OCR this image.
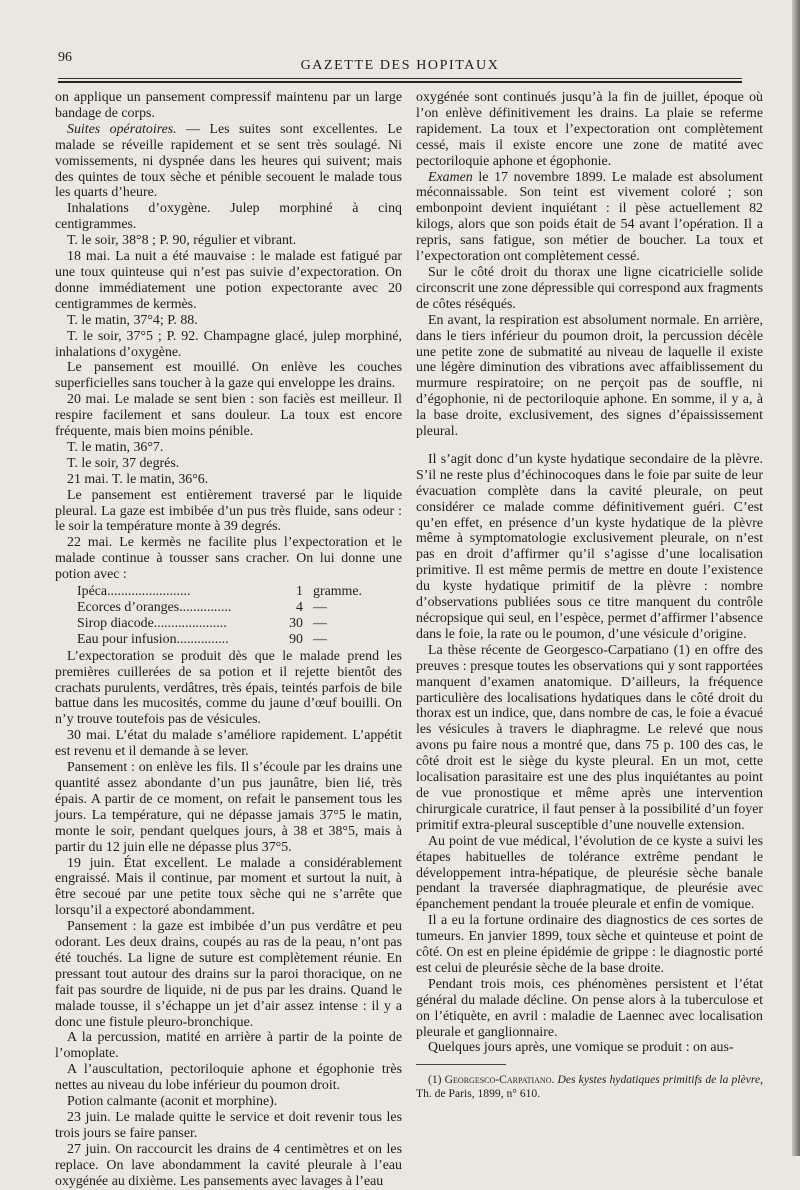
96
GAZETTE DES HOPITAUX

on applique un pansement compressif maintenu par un large bandage de corps.

Suites opératoires. — Les suites sont excellentes. Le malade se réveille rapidement et se sent très soulagé. Ni vomissements, ni dyspnée dans les heures qui suivent; mais des quintes de toux sèche et pénible secouent le malade tous les quarts d’heure.

Inhalations d’oxygène. Julep morphiné à cinq centigrammes.

T. le soir, 38°8 ; P. 90, régulier et vibrant.

18 mai. La nuit a été mauvaise : le malade est fatigué par une toux quinteuse qui n’est pas suivie d’expectoration. On donne immédiatement une potion expectorante avec 20 centigrammes de kermès.

T. le matin, 37°4; P. 88.

T. le soir, 37°5 ; P. 92. Champagne glacé, julep morphiné, inhalations d’oxygène.

Le pansement est mouillé. On enlève les couches superficielles sans toucher à la gaze qui enveloppe les drains.

20 mai. Le malade se sent bien : son faciès est meilleur. Il respire facilement et sans douleur. La toux est encore fréquente, mais bien moins pénible.

T. le matin, 36°7.

T. le soir, 37 degrés.

21 mai. T. le matin, 36°6.

Le pansement est entièrement traversé par le liquide pleural. La gaze est imbibée d’un pus très fluide, sans odeur : le soir la température monte à 39 degrés.

22 mai. Le kermès ne facilite plus l’expectoration et le malade continue à tousser sans cracher. On lui donne une potion avec :

Ipéca........................	1	gramme.
Ecorces d’oranges...............	4	—
Sirop diacode.....................	30	—
Eau pour infusion...............	90	—

L’expectoration se produit dès que le malade prend les premières cuillerées de sa potion et il rejette bientôt des crachats purulents, verdâtres, très épais, teintés parfois de bile battue dans les mucosités, comme du jaune d’œuf bouilli. On n’y trouve toutefois pas de vésicules.

30 mai. L’état du malade s’améliore rapidement. L’appétit est revenu et il demande à se lever.

Pansement : on enlève les fils. Il s’écoule par les drains une quantité assez abondante d’un pus jaunâtre, bien lié, très épais. A partir de ce moment, on refait le pansement tous les jours. La température, qui ne dépasse jamais 37°5 le matin, monte le soir, pendant quelques jours, à 38 et 38°5, mais à partir du 12 juin elle ne dépasse plus 37°5.

19 juin. État excellent. Le malade a considérablement engraissé. Mais il continue, par moment et surtout la nuit, à être secoué par une petite toux sèche qui ne s’arrête que lorsqu’il a expectoré abondamment.

Pansement : la gaze est imbibée d’un pus verdâtre et peu odorant. Les deux drains, coupés au ras de la peau, n’ont pas été touchés. La ligne de suture est complètement réunie. En pressant tout autour des drains sur la paroi thoracique, on ne fait pas sourdre de liquide, ni de pus par les drains. Quand le malade tousse, il s’échappe un jet d’air assez intense : il y a donc une fistule pleuro-bronchique.

A la percussion, matité en arrière à partir de la pointe de l’omoplate.

A l’auscultation, pectoriloquie aphone et égophonie très nettes au niveau du lobe inférieur du poumon droit.

Potion calmante (aconit et morphine).

23 juin. Le malade quitte le service et doit revenir tous les trois jours se faire panser.

27 juin. On raccourcit les drains de 4 centimètres et on les replace. On lave abondamment la cavité pleurale à l’eau oxygénée au dixième. Les pansements avec lavages à l’eau

oxygénée sont continués jusqu’à la fin de juillet, époque où l’on enlève définitivement les drains. La plaie se referme rapidement. La toux et l’expectoration ont complètement cessé, mais il existe encore une zone de matité avec pectoriloquie aphone et égophonie.

Examen le 17 novembre 1899. Le malade est absolument méconnaissable. Son teint est vivement coloré ; son embonpoint devient inquiétant : il pèse actuellement 82 kilogs, alors que son poids était de 54 avant l’opération. Il a repris, sans fatigue, son métier de boucher. La toux et l’expectoration ont complètement cessé.

Sur le côté droit du thorax une ligne cicatricielle solide circonscrit une zone dépressible qui correspond aux fragments de côtes réséqués.

En avant, la respiration est absolument normale. En arrière, dans le tiers inférieur du poumon droit, la percussion décèle une petite zone de submatité au niveau de laquelle il existe une légère diminution des vibrations avec affaiblissement du murmure respiratoire; on ne perçoit pas de souffle, ni d’égophonie, ni de pectoriloquie aphone. En somme, il y a, à la base droite, exclusivement, des signes d’épaississement pleural.

Il s’agit donc d’un kyste hydatique secondaire de la plèvre. S’il ne reste plus d’échinocoques dans le foie par suite de leur évacuation complète dans la cavité pleurale, on peut considérer ce malade comme définitivement guéri. C’est qu’en effet, en présence d’un kyste hydatique de la plèvre même à symptomatologie exclusivement pleurale, on n’est pas en droit d’affirmer qu’il s’agisse d’une localisation primitive. Il est même permis de mettre en doute l’existence du kyste hydatique primitif de la plèvre : nombre d’observations publiées sous ce titre manquent du contrôle nécropsique qui seul, en l’espèce, permet d’affirmer l’absence dans le foie, la rate ou le poumon, d’une vésicule d’origine.

La thèse récente de Georgesco-Carpatiano (1) en offre des preuves : presque toutes les observations qui y sont rapportées manquent d’examen anatomique. D’ailleurs, la fréquence particulière des localisations hydatiques dans le côté droit du thorax est un indice, que, dans nombre de cas, le foie a évacué les vésicules à travers le diaphragme. Le relevé que nous avons pu faire nous a montré que, dans 75 p. 100 des cas, le côté droit est le siège du kyste pleural. En un mot, cette localisation parasitaire est une des plus inquiétantes au point de vue pronostique et même après une intervention chirurgicale curatrice, il faut penser à la possibilité d’un foyer primitif extra-pleural susceptible d’une nouvelle extension.

Au point de vue médical, l’évolution de ce kyste a suivi les étapes habituelles de tolérance extrême pendant le développement intra-hépatique, de pleurésie sèche banale pendant la traversée diaphragmatique, de pleurésie avec épanchement pendant la trouée pleurale et enfin de vomique.

Il a eu la fortune ordinaire des diagnostics de ces sortes de tumeurs. En janvier 1899, toux sèche et quinteuse et point de côté. On est en pleine épidémie de grippe : le diagnostic porté est celui de pleurésie sèche de la base droite.

Pendant trois mois, ces phénomènes persistent et l’état général du malade décline. On pense alors à la tuberculose et on l’étiquète, en avril : maladie de Laennec avec localisation pleurale et ganglionnaire.

Quelques jours après, une vomique se produit : on aus-

(1) Georgesco-Carpatiano. Des kystes hydatiques primitifs de la plèvre, Th. de Paris, 1899, n° 610.
